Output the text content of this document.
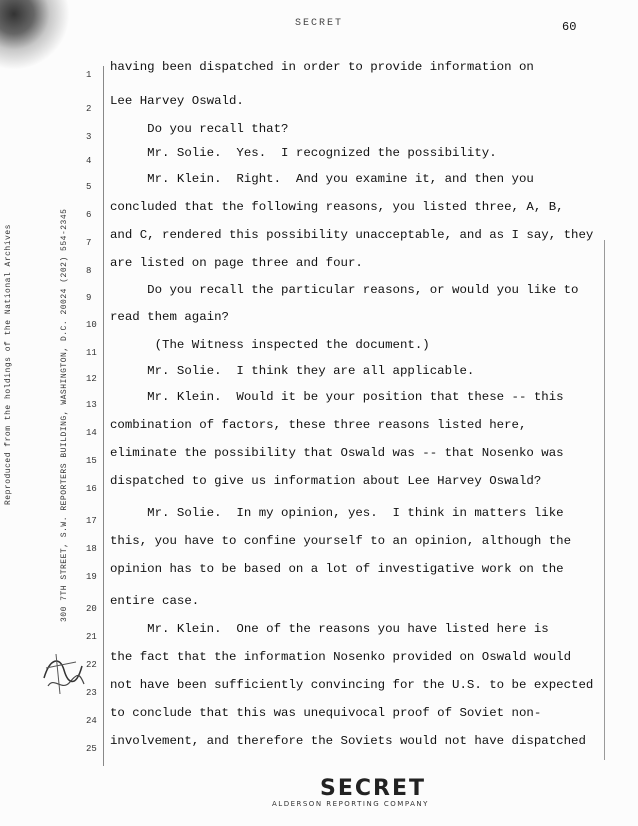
SECRET	60
Reproduced from the holdings of the National Archives	300 7TH STREET, S.W. REPORTERS BUILDING, WASHINGTON, D.C. 20024 (202) 554-2345
1
having been dispatched in order to provide information on
2
Lee Harvey Oswald.
3
Do you recall that?
4
Mr. Solie.  Yes.  I recognized the possibility.
5
Mr. Klein.  Right.  And you examine it, and then you
6
concluded that the following reasons, you listed three, A, B,
7
and C, rendered this possibility unacceptable, and as I say, they
8
are listed on page three and four.
9
Do you recall the particular reasons, or would you like to
10
read them again?
11
(The Witness inspected the document.)
12
Mr. Solie.  I think they are all applicable.
13
Mr. Klein.  Would it be your position that these -- this
14
combination of factors, these three reasons listed here,
15
eliminate the possibility that Oswald was -- that Nosenko was
16
dispatched to give us information about Lee Harvey Oswald?
17
Mr. Solie.  In my opinion, yes.  I think in matters like
18
this, you have to confine yourself to an opinion, although the
19
opinion has to be based on a lot of investigative work on the
20
entire case.
21
Mr. Klein.  One of the reasons you have listed here is
22
the fact that the information Nosenko provided on Oswald would
23
not have been sufficiently convincing for the U.S. to be expected
24
to conclude that this was unequivocal proof of Soviet non-
25
involvement, and therefore the Soviets would not have dispatched
SECRET
ALDERSON REPORTING COMPANY
